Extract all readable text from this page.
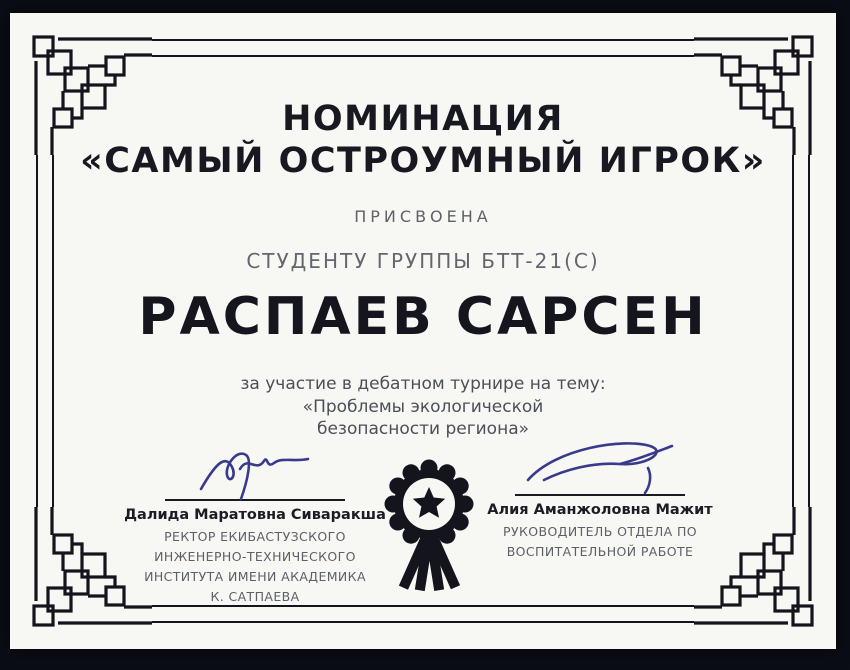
НОМИНАЦИЯ
«САМЫЙ ОСТРОУМНЫЙ ИГРОК»
ПРИСВОЕНА
СТУДЕНТУ ГРУППЫ БТТ-21(С)
РАСПАЕВ САРСЕН
за участие в дебатном турнире на тему:
«Проблемы экологической
безопасности региона»
Далида Маратовна Сиваракша
РЕКТОР ЕКИБАСТУЗСКОГО
ИНЖЕНЕРНО-ТЕХНИЧЕСКОГО
ИНСТИТУТА ИМЕНИ АКАДЕМИКА
К. САТПАЕВА
Алия Аманжоловна Мажит
РУКОВОДИТЕЛЬ ОТДЕЛА ПО
ВОСПИТАТЕЛЬНОЙ РАБОТЕ
